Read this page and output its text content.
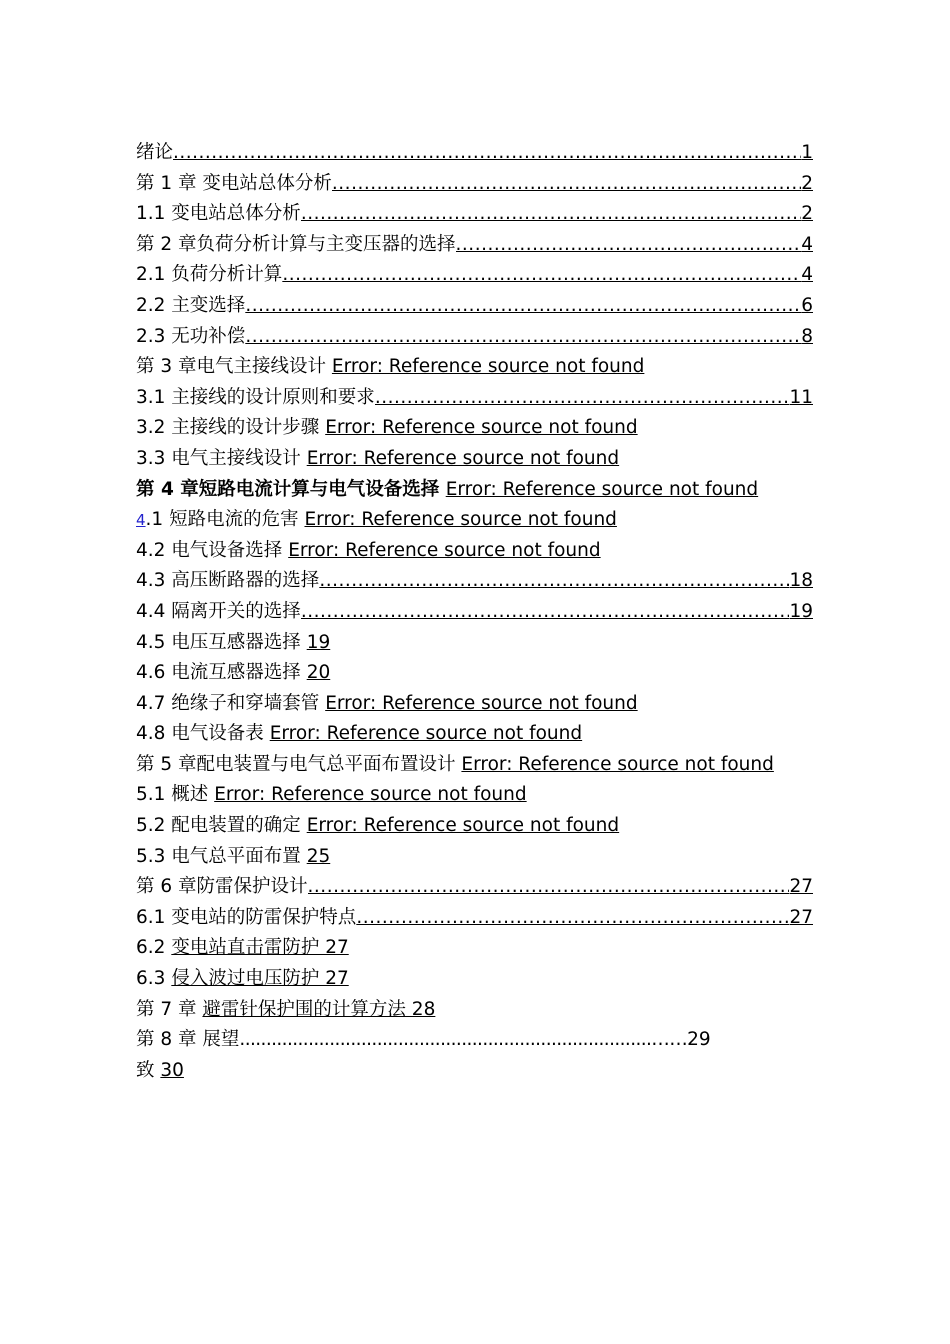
绪论 .....	1
第 1 章 变电站总体分析 .....	2
1.1 变电站总体分析 .....	2
第 2 章负荷分析计算与主变压器的选择 .....	4
2.1 负荷分析计算 .....	4
2.2 主变选择 .....	6
2.3 无功补偿 .....	8
第 3 章电气主接线设计 Error: Reference source not found
3.1 主接线的设计原则和要求 .....	11
3.2 主接线的设计步骤 Error: Reference source not found
3.3 电气主接线设计 Error: Reference source not found
第 4 章短路电流计算与电气设备选择 Error: Reference source not found
4.1 短路电流的危害 Error: Reference source not found
4.2 电气设备选择 Error: Reference source not found
4.3 高压断路器的选择 .....	18
4.4 隔离开关的选择 .....	19
4.5 电压互感器选择 19
4.6 电流互感器选择 20
4.7 绝缘子和穿墙套管 Error: Reference source not found
4.8 电气设备表 Error: Reference source not found
第 5 章配电装置与电气总平面布置设计 Error: Reference source not found
5.1 概述 Error: Reference source not found
5.2 配电装置的确定 Error: Reference source not found
5.3 电气总平面布置 25
第 6 章防雷保护设计 .....	27
6.1 变电站的防雷保护特点 .....	27
6.2 变电站直击雷防护 27
6.3 侵入波过电压防护 27
第 7 章 避雷针保护围的计算方法 28
第 8 章 展望..............................................................................……29
致 30
